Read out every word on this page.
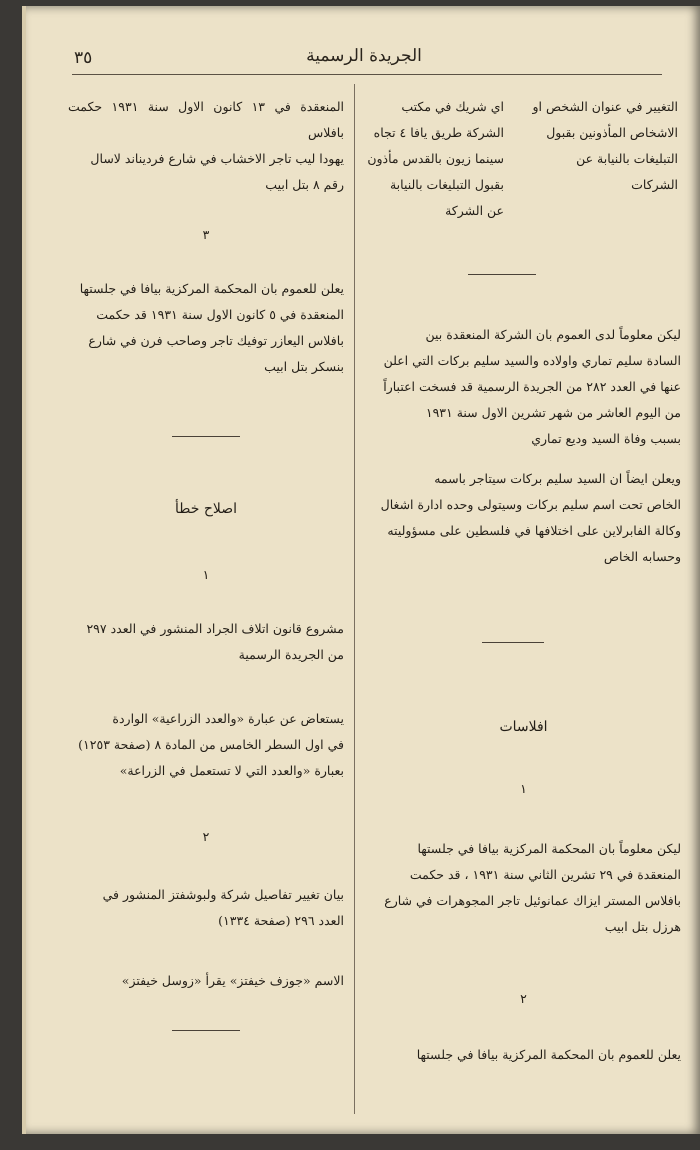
٣٥	الجريدة الرسمية
التغيير في عنوان الشخص او
الاشخاص المأذونين بقبول
التبليغات بالنيابة عن
الشركات
اي شريك في مكتب
الشركة طريق يافا ٤ تجاه
سينما زيون بالقدس مأذون
بقبول التبليغات بالنيابة
عن الشركة
ليكن معلوماً لدى العموم بان الشركة المنعقدة بين
السادة سليم تماري واولاده والسيد سليم بركات التي اعلن
عنها في العدد ٢٨٢ من الجريدة الرسمية قد فسخت اعتباراً
من اليوم العاشر من شهر تشرين الاول سنة ١٩٣١
بسبب وفاة السيد وديع تماري
ويعلن ايضاً ان السيد سليم بركات سيتاجر باسمه
الخاص تحت اسم سليم بركات وسيتولى وحده ادارة اشغال
وكالة الفابرلاين على اختلافها في فلسطين على مسؤوليته
وحسابه الخاص
افلاسات
١
ليكن معلوماً بان المحكمة المركزية بيافا في جلستها
المنعقدة في ٢٩ تشرين الثاني سنة ١٩٣١ ، قد حكمت
بافلاس المستر ايزاك عمانوئيل تاجر المجوهرات في شارع
هرزل بتل ابيب
٢
يعلن للعموم بان المحكمة المركزية بيافا في جلستها
المنعقدة في ١٣ كانون الاول سنة ١٩٣١ حكمت بافلاس
يهودا ليب تاجر الاخشاب في شارع فرديناند لاسال
رقم ٨ بتل ابيب
٣
يعلن للعموم بان المحكمة المركزية بيافا في جلستها
المنعقدة في ٥ كانون الاول سنة ١٩٣١ قد حكمت
بافلاس اليعازر توفيك تاجر وصاحب فرن في شارع
بنسكر بتل ابيب
اصلاح خطأ
١
مشروع قانون اتلاف الجراد المنشور في العدد ٢٩٧
من الجريدة الرسمية
يستعاض عن عبارة «والعدد الزراعية» الواردة
في اول السطر الخامس من المادة ٨ (صفحة ١٢٥٣)
بعبارة «والعدد التي لا تستعمل في الزراعة»
٢
بيان تغيير تفاصيل شركة ولبوشفتز المنشور في
العدد ٢٩٦ (صفحة ١٣٣٤)
الاسم «جوزف خيفتز» يقرأ «زوسل خيفتز»
